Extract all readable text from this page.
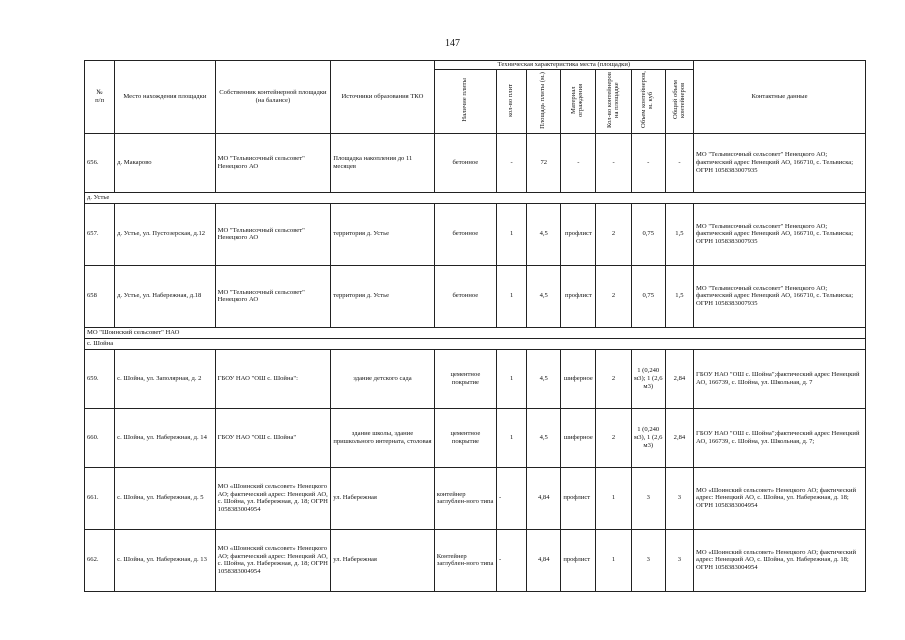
147
№
п/п	Место нахождения площадки	Собственник контейнерной площадки (на балансе)	Источники образования ТКО	Техническая характеристика места (площадки)							Контактные данные
				Наличие плиты	кол-во плит	Площадь плиты (м.)	Материал ограждения	Кол-во контейнеров на площадке	Объем контейнеров, м. куб	Общий объем контейнеров	
656.	д. Макарово	МО "Тельвисочный сельсовет" Ненецкого АО	Площадка накопления до 11 месяцев	бетонное	-	72	-	-	-	-	МО "Тельвисочный сельсовет" Ненецкого АО; фактический адрес Ненецкий АО, 166710, с. Тельвиска; ОГРН 1058383007935
д. Устье											
657.	д. Устье, ул. Пустозерская, д.12	МО "Тельвисочный сельсовет" Ненецкого АО	территория д. Устье	бетонное	1	4,5	профлист	2	0,75	1,5	МО "Тельвисочный сельсовет" Ненецкого АО; фактический адрес Ненецкий АО, 166710, с. Тельвиска; ОГРН 1058383007935
658	д. Устье, ул. Набережная, д.18	МО "Тельвисочный сельсовет" Ненецкого АО	территория д. Устье	бетонное	1	4,5	профлист	2	0,75	1,5	МО "Тельвисочный сельсовет" Ненецкого АО; фактический адрес Ненецкий АО, 166710, с. Тельвиска; ОГРН 1058383007935
МО "Шоинский сельсовет" НАО											
с. Шойна											
659.	с. Шойна, ул. Заполярная, д. 2	ГБОУ НАО "ОШ с. Шойна":	здание детского сада	цементное покрытие	1	4,5	шиферное	2	1 (0,240 м3); 1 (2,6 м3)	2,84	ГБОУ НАО "ОШ с. Шойна";фактический адрес Ненецкий АО, 166739, с. Шойна, ул. Школьная, д. 7
660.	с. Шойна, ул. Набережная, д. 14	ГБОУ НАО "ОШ с. Шойна"	здание школы, здание пришкольного интерната, столовая	цементное покрытие	1	4,5	шиферное	2	1 (0,240 м3), 1 (2,6 м3)	2,84	ГБОУ НАО "ОШ с. Шойна";фактический адрес Ненецкий АО, 166739, с. Шойна, ул. Школьная, д. 7;
661.	с. Шойна, ул. Набережная, д. 5	МО «Шоинский сельсовет» Ненецкого АО; фактический адрес: Ненецкий АО, с. Шойна, ул. Набережная, д. 18; ОГРН 1058383004954	ул. Набережная	контейнер заглублен-ного типа	-	4,84	профлист	1	3	3	МО «Шоинский сельсовет» Ненецкого АО; фактический адрес: Ненецкий АО, с. Шойна, ул. Набережная, д. 18; ОГРН 1058383004954
662.	с. Шойна, ул. Набережная, д. 13	МО «Шоинский сельсовет» Ненецкого АО; фактический адрес: Ненецкий АО, с. Шойна, ул. Набережная, д. 18; ОГРН 1058383004954	ул. Набережная	Контейнер заглублен-ного типа	-	4,84	профлист	1	3	3	МО «Шоинский сельсовет» Ненецкого АО; фактический адрес: Ненецкий АО, с. Шойна, ул. Набережная, д. 18; ОГРН 1058383004954
